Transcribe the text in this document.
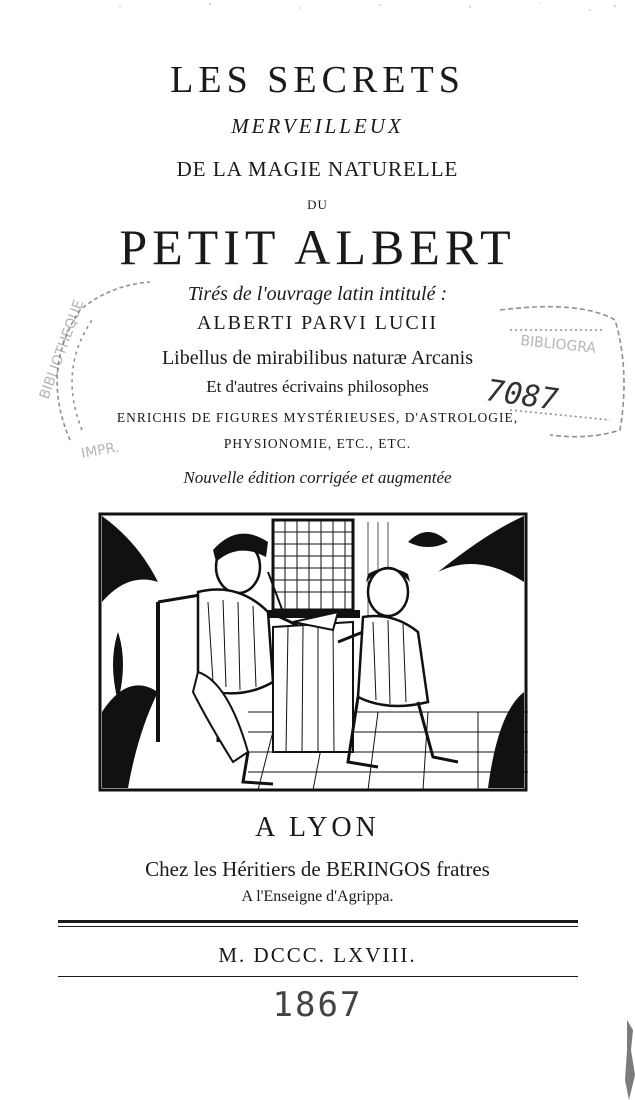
LES SECRETS
MERVEILLEUX
DE LA MAGIE NATURELLE
DU
PETIT ALBERT
Tirés de l'ouvrage latin intitulé :
ALBERTI PARVI LUCII
Libellus de mirabilibus naturæ Arcanis
Et d'autres écrivains philosophes
ENRICHIS DE FIGURES MYSTÉRIEUSES, D'ASTROLOGIE,
PHYSIONOMIE, ETC., ETC.
Nouvelle édition corrigée et augmentée
BIBLIOTHEQUE
IMPR.
BIBLIOGRA
7087
A LYON
Chez les Héritiers de BERINGOS fratres
A l'Enseigne d'Agrippa.
M. DCCC. LXVIII.
1867
